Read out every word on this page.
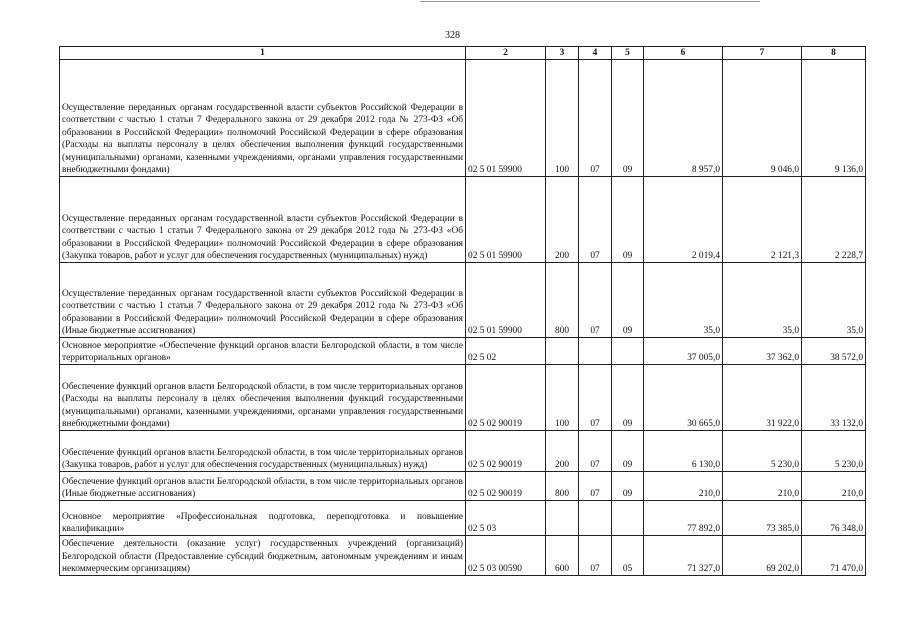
328
1	2	3	4	5	6	7	8
Осуществление переданных органам государственной власти субъектов Российской Федерации в соответствии с частью 1 статьи 7 Федерального закона от 29 декабря 2012 года № 273-ФЗ «Об образовании в Российской Федерации» полномочий Российской Федерации в сфере образования (Расходы на выплаты персоналу в целях обеспечения выполнения функций государственными (муниципальными) органами, казенными учреждениями, органами управления государственными внебюджетными фондами)	02 5 01 59900	100	07	09	8 957,0	9 046,0	9 136,0
Осуществление переданных органам государственной власти субъектов Российской Федерации в соответствии с частью 1 статьи 7 Федерального закона от 29 декабря 2012 года № 273-ФЗ «Об образовании в Российской Федерации» полномочий Российской Федерации в сфере образования (Закупка товаров, работ и услуг для обеспечения государственных (муниципальных) нужд)	02 5 01 59900	200	07	09	2 019,4	2 121,3	2 228,7
Осуществление переданных органам государственной власти субъектов Российской Федерации в соответствии с частью 1 статьи 7 Федерального закона от 29 декабря 2012 года № 273-ФЗ «Об образовании в Российской Федерации» полномочий Российской Федерации в сфере образования (Иные бюджетные ассигнования)	02 5 01 59900	800	07	09	35,0	35,0	35,0
Основное мероприятие «Обеспечение функций органов власти Белгородской области, в том числе территориальных органов»	02 5 02				37 005,0	37 362,0	38 572,0
Обеспечение функций органов власти Белгородской области, в том числе территориальных органов (Расходы на выплаты персоналу в целях обеспечения выполнения функций государственными (муниципальными) органами, казенными учреждениями, органами управления государственными внебюджетными фондами)	02 5 02 90019	100	07	09	30 665,0	31 922,0	33 132,0
Обеспечение функций органов власти Белгородской области, в том числе территориальных органов (Закупка товаров, работ и услуг для обеспечения государственных (муниципальных) нужд)	02 5 02 90019	200	07	09	6 130,0	5 230,0	5 230,0
Обеспечение функций органов власти Белгородской области, в том числе территориальных органов (Иные бюджетные ассигнования)	02 5 02 90019	800	07	09	210,0	210,0	210,0
Основное мероприятие «Профессиональная подготовка, переподготовка и повышение квалификации»	02 5 03				77 892,0	73 385,0	76 348,0
Обеспечение деятельности (оказание услуг) государственных учреждений (организаций) Белгородской области (Предоставление субсидий бюджетным, автономным учреждениям и иным некоммерческим организациям)	02 5 03 00590	600	07	05	71 327,0	69 202,0	71 470,0
